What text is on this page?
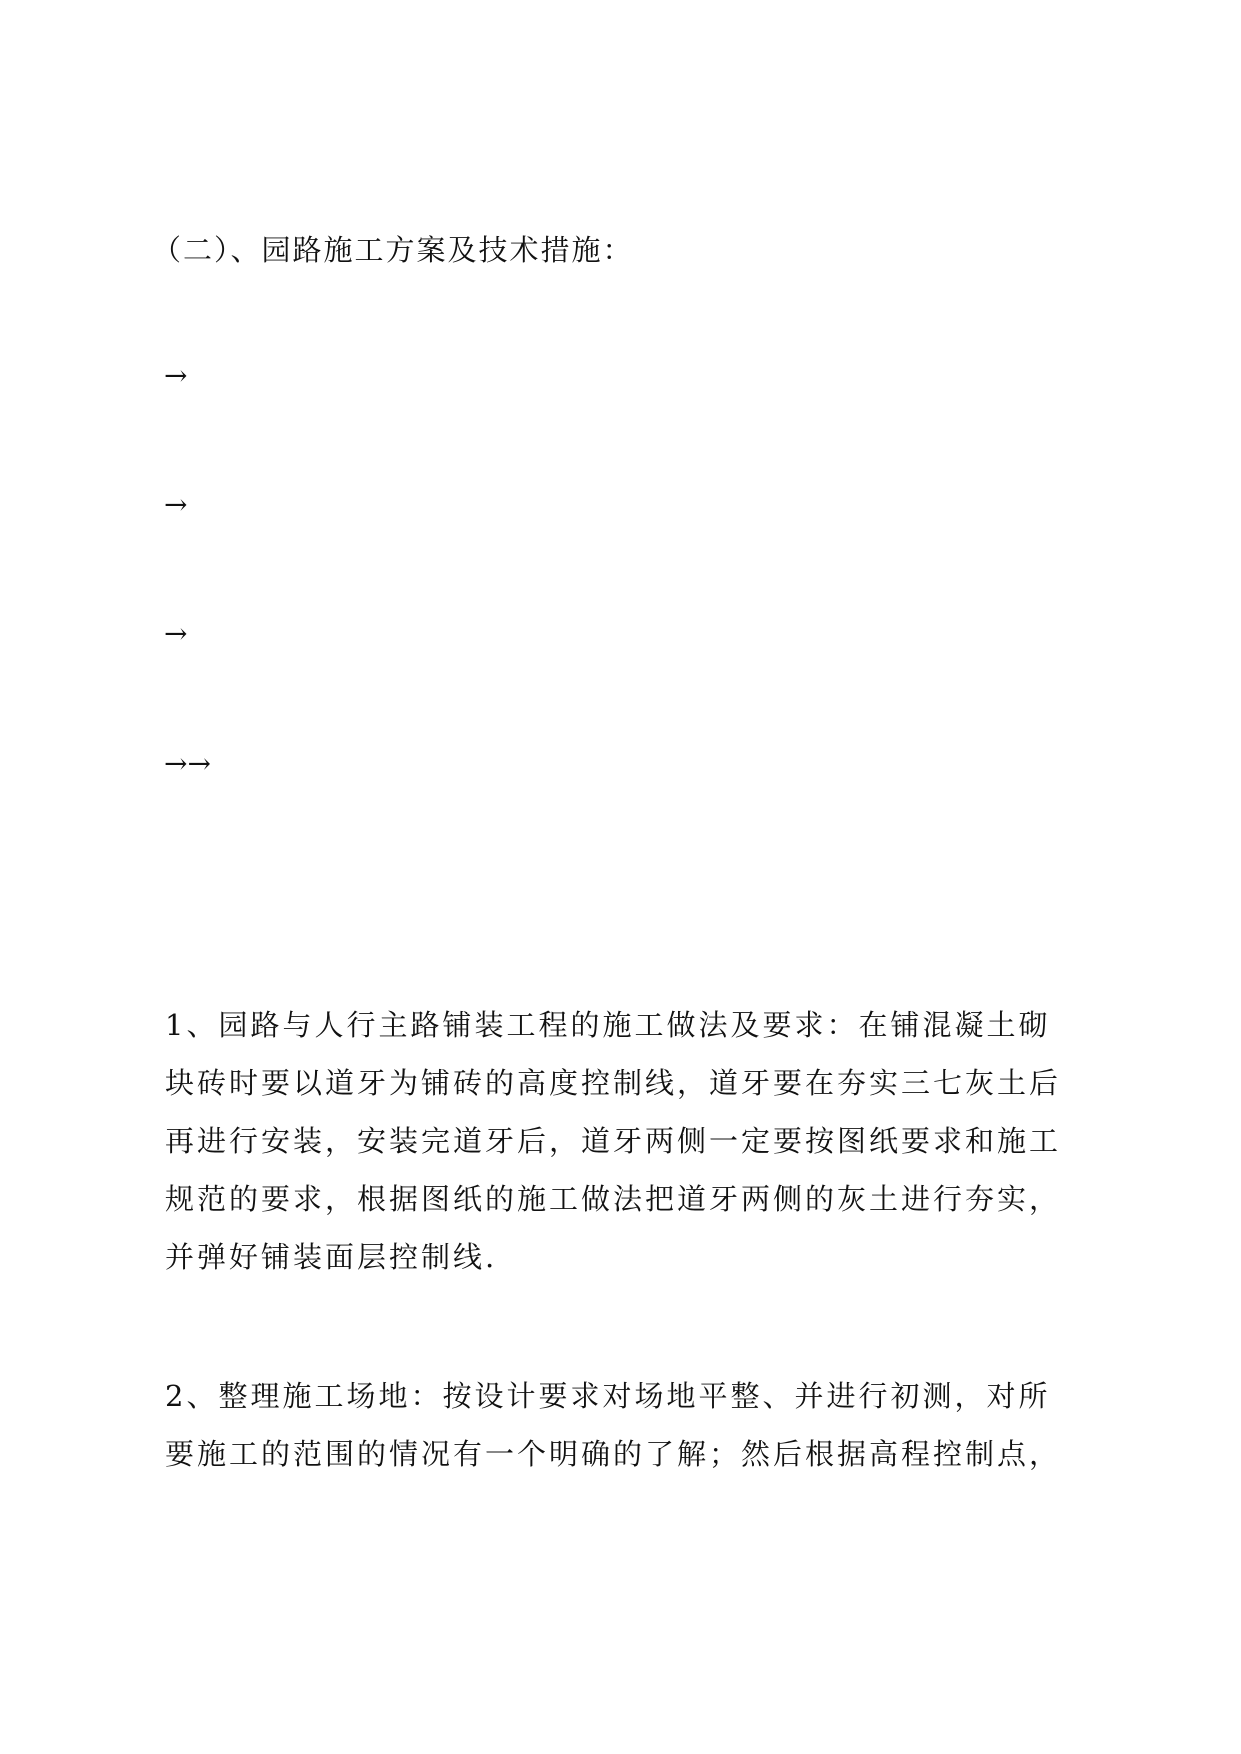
（二）、园路施工方案及技术措施：
→
→
→
→→
1、园路与人行主路铺装工程的施工做法及要求：在铺混凝土砌
块砖时要以道牙为铺砖的高度控制线，道牙要在夯实三七灰土后
再进行安装，安装完道牙后，道牙两侧一定要按图纸要求和施工
规范的要求，根据图纸的施工做法把道牙两侧的灰土进行夯实，
并弹好铺装面层控制线.
2、整理施工场地：按设计要求对场地平整、并进行初测，对所
要施工的范围的情况有一个明确的了解；然后根据高程控制点，
